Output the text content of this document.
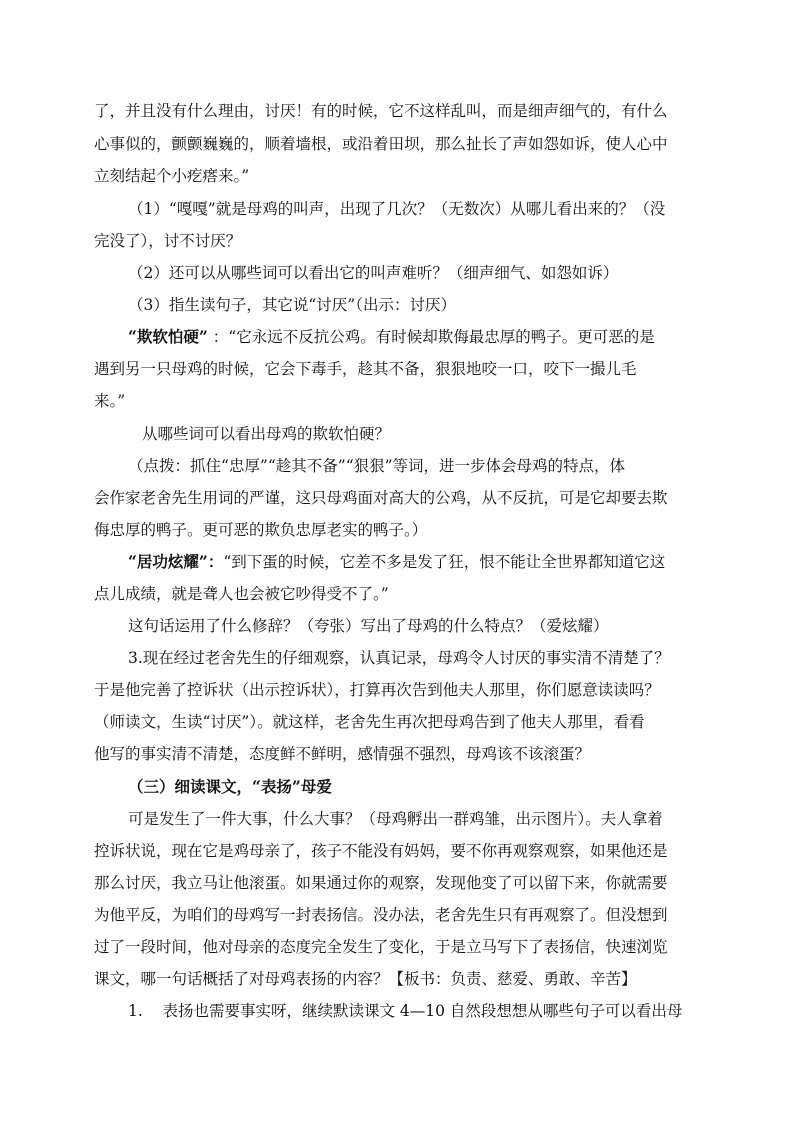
了，并且没有什么理由，讨厌！有的时候，它不这样乱叫，而是细声细气的，有什么
心事似的，颤颤巍巍的，顺着墙根，或沿着田坝，那么扯长了声如怨如诉，使人心中
立刻结起个小疙瘩来。”
（1）“嘎嘎”就是母鸡的叫声，出现了几次？（无数次）从哪儿看出来的？（没
完没了），讨不讨厌？
（2）还可以从哪些词可以看出它的叫声难听？（细声细气、如怨如诉）
（3）指生读句子，其它说“讨厌”（出示：讨厌）
“欺软怕硬” ：“它永远不反抗公鸡。有时候却欺侮最忠厚的鸭子。更可恶的是
遇到另一只母鸡的时候，它会下毒手，趁其不备，狠狠地咬一口，咬下一撮儿毛
来。”
从哪些词可以看出母鸡的欺软怕硬？
（点拨：抓住“忠厚”“趁其不备”“狠狠”等词，进一步体会母鸡的特点，体
会作家老舍先生用词的严谨，这只母鸡面对高大的公鸡，从不反抗，可是它却要去欺
侮忠厚的鸭子。更可恶的欺负忠厚老实的鸭子。）
“居功炫耀”：“到下蛋的时候，它差不多是发了狂，恨不能让全世界都知道它这
点儿成绩，就是聋人也会被它吵得受不了。”
这句话运用了什么修辞？（夸张）写出了母鸡的什么特点？（爱炫耀）
3.现在经过老舍先生的仔细观察，认真记录，母鸡令人讨厌的事实清不清楚了？
于是他完善了控诉状（出示控诉状），打算再次告到他夫人那里，你们愿意读读吗？
（师读文，生读“讨厌”）。就这样，老舍先生再次把母鸡告到了他夫人那里，看看
他写的事实清不清楚，态度鲜不鲜明，感情强不强烈，母鸡该不该滚蛋？
（三）细读课文，“表扬”母爱
可是发生了一件大事，什么大事？（母鸡孵出一群鸡雏，出示图片）。夫人拿着
控诉状说，现在它是鸡母亲了，孩子不能没有妈妈，要不你再观察观察，如果他还是
那么讨厌，我立马让他滚蛋。如果通过你的观察，发现他变了可以留下来，你就需要
为他平反，为咱们的母鸡写一封表扬信。没办法，老舍先生只有再观察了。但没想到
过了一段时间，他对母亲的态度完全发生了变化，于是立马写下了表扬信，快速浏览
课文，哪一句话概括了对母鸡表扬的内容？【板书：负责、慈爱、勇敢、辛苦】
1.    表扬也需要事实呀，继续默读课文 4—10 自然段想想从哪些句子可以看出母
